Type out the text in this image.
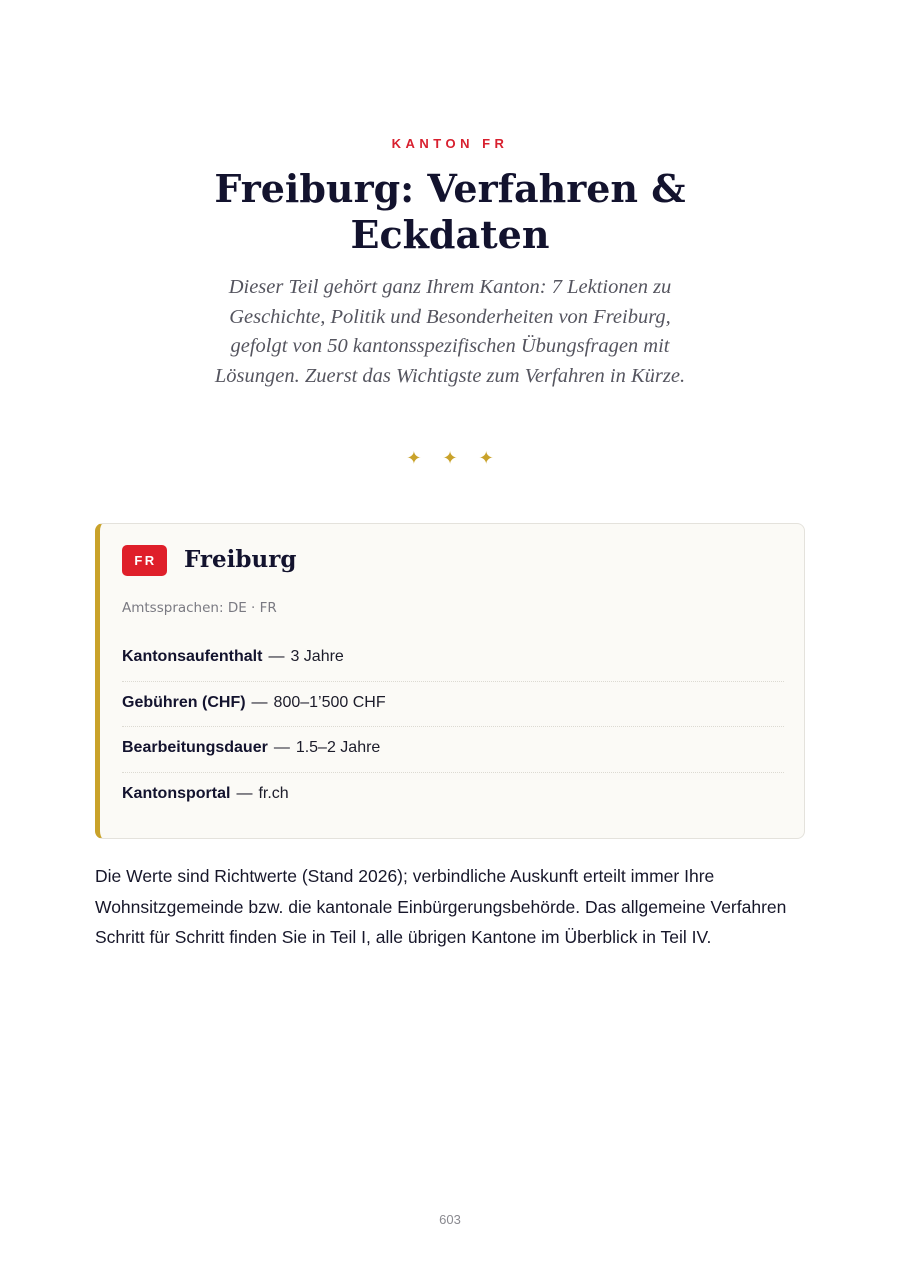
KANTON FR
Freiburg: Verfahren & Eckdaten

Dieser Teil gehört ganz Ihrem Kanton: 7 Lektionen zu Geschichte, Politik und Besonderheiten von Freiburg, gefolgt von 50 kantonsspezifischen Übungsfragen mit Lösungen. Zuerst das Wichtigste zum Verfahren in Kürze.

✦ ✦ ✦
FR	Freiburg
Amtssprachen: DE · FR
Kantonsaufenthalt — 3 Jahre
Gebühren (CHF) — 800–1’500 CHF
Bearbeitungsdauer — 1.5–2 Jahre
Kantonsportal — fr.ch

Die Werte sind Richtwerte (Stand 2026); verbindliche Auskunft erteilt immer Ihre Wohnsitzgemeinde bzw. die kantonale Einbürgerungsbehörde. Das allgemeine Verfahren Schritt für Schritt finden Sie in Teil I, alle übrigen Kantone im Überblick in Teil IV.

603
